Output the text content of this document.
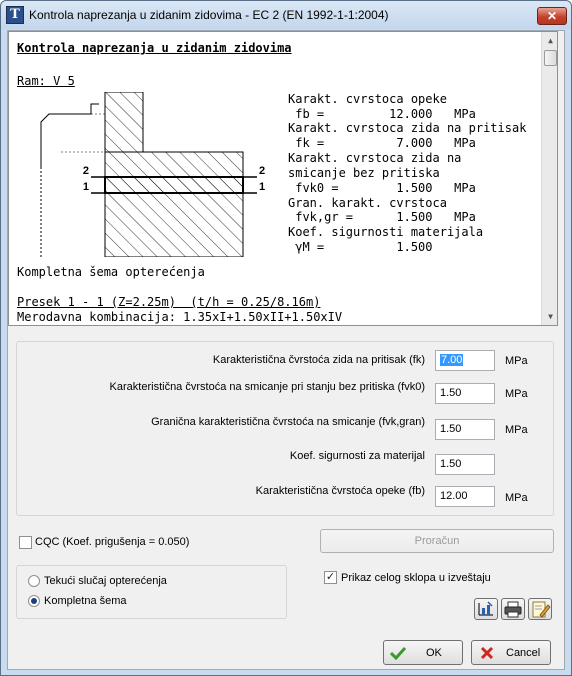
T Kontrola naprezanja u zidanim zidovima - EC 2 (EN 1992-1-1:2004)	✕
Kontrola naprezanja u zidanim zidovima
Ram: V 5
2
1
2
1
Karakt. cvrstoca opeke
fb =         12.000   MPa
Karakt. cvrstoca zida na pritisak
fk =          7.000   MPa
Karakt. cvrstoca zida na
smicanje bez pritiska
fvk0 =        1.500   MPa
Gran. karakt. cvrstoca
fvk,gr =      1.500   MPa
Koef. sigurnosti materijala
γM =          1.500
Kompletna šema opterećenja
Presek 1 - 1 (Z=2.25m)  (t/h = 0.25/8.16m)
Merodavna kombinacija: 1.35xI+1.50xII+1.50xIV
▲
▼
Karakteristična čvrstoća zida na pritisak (fk)	7.00	MPa
Karakteristična čvrstoća na smicanje pri stanju bez pritiska (fvk0)	1.50	MPa
Granična karakteristična čvrstoća na smicanje (fvk,gran)
1.50	MPa
Koef. sigurnosti za materijal
1.50
Karakteristična čvrstoća opeke (fb)	12.00	MPa
CQC (Koef. prigušenja = 0.050)	Proračun
Tekući slučaj opterećenja
Kompletna šema
✓ Prikaz celog sklopa u izveštaju
OK	Cancel
